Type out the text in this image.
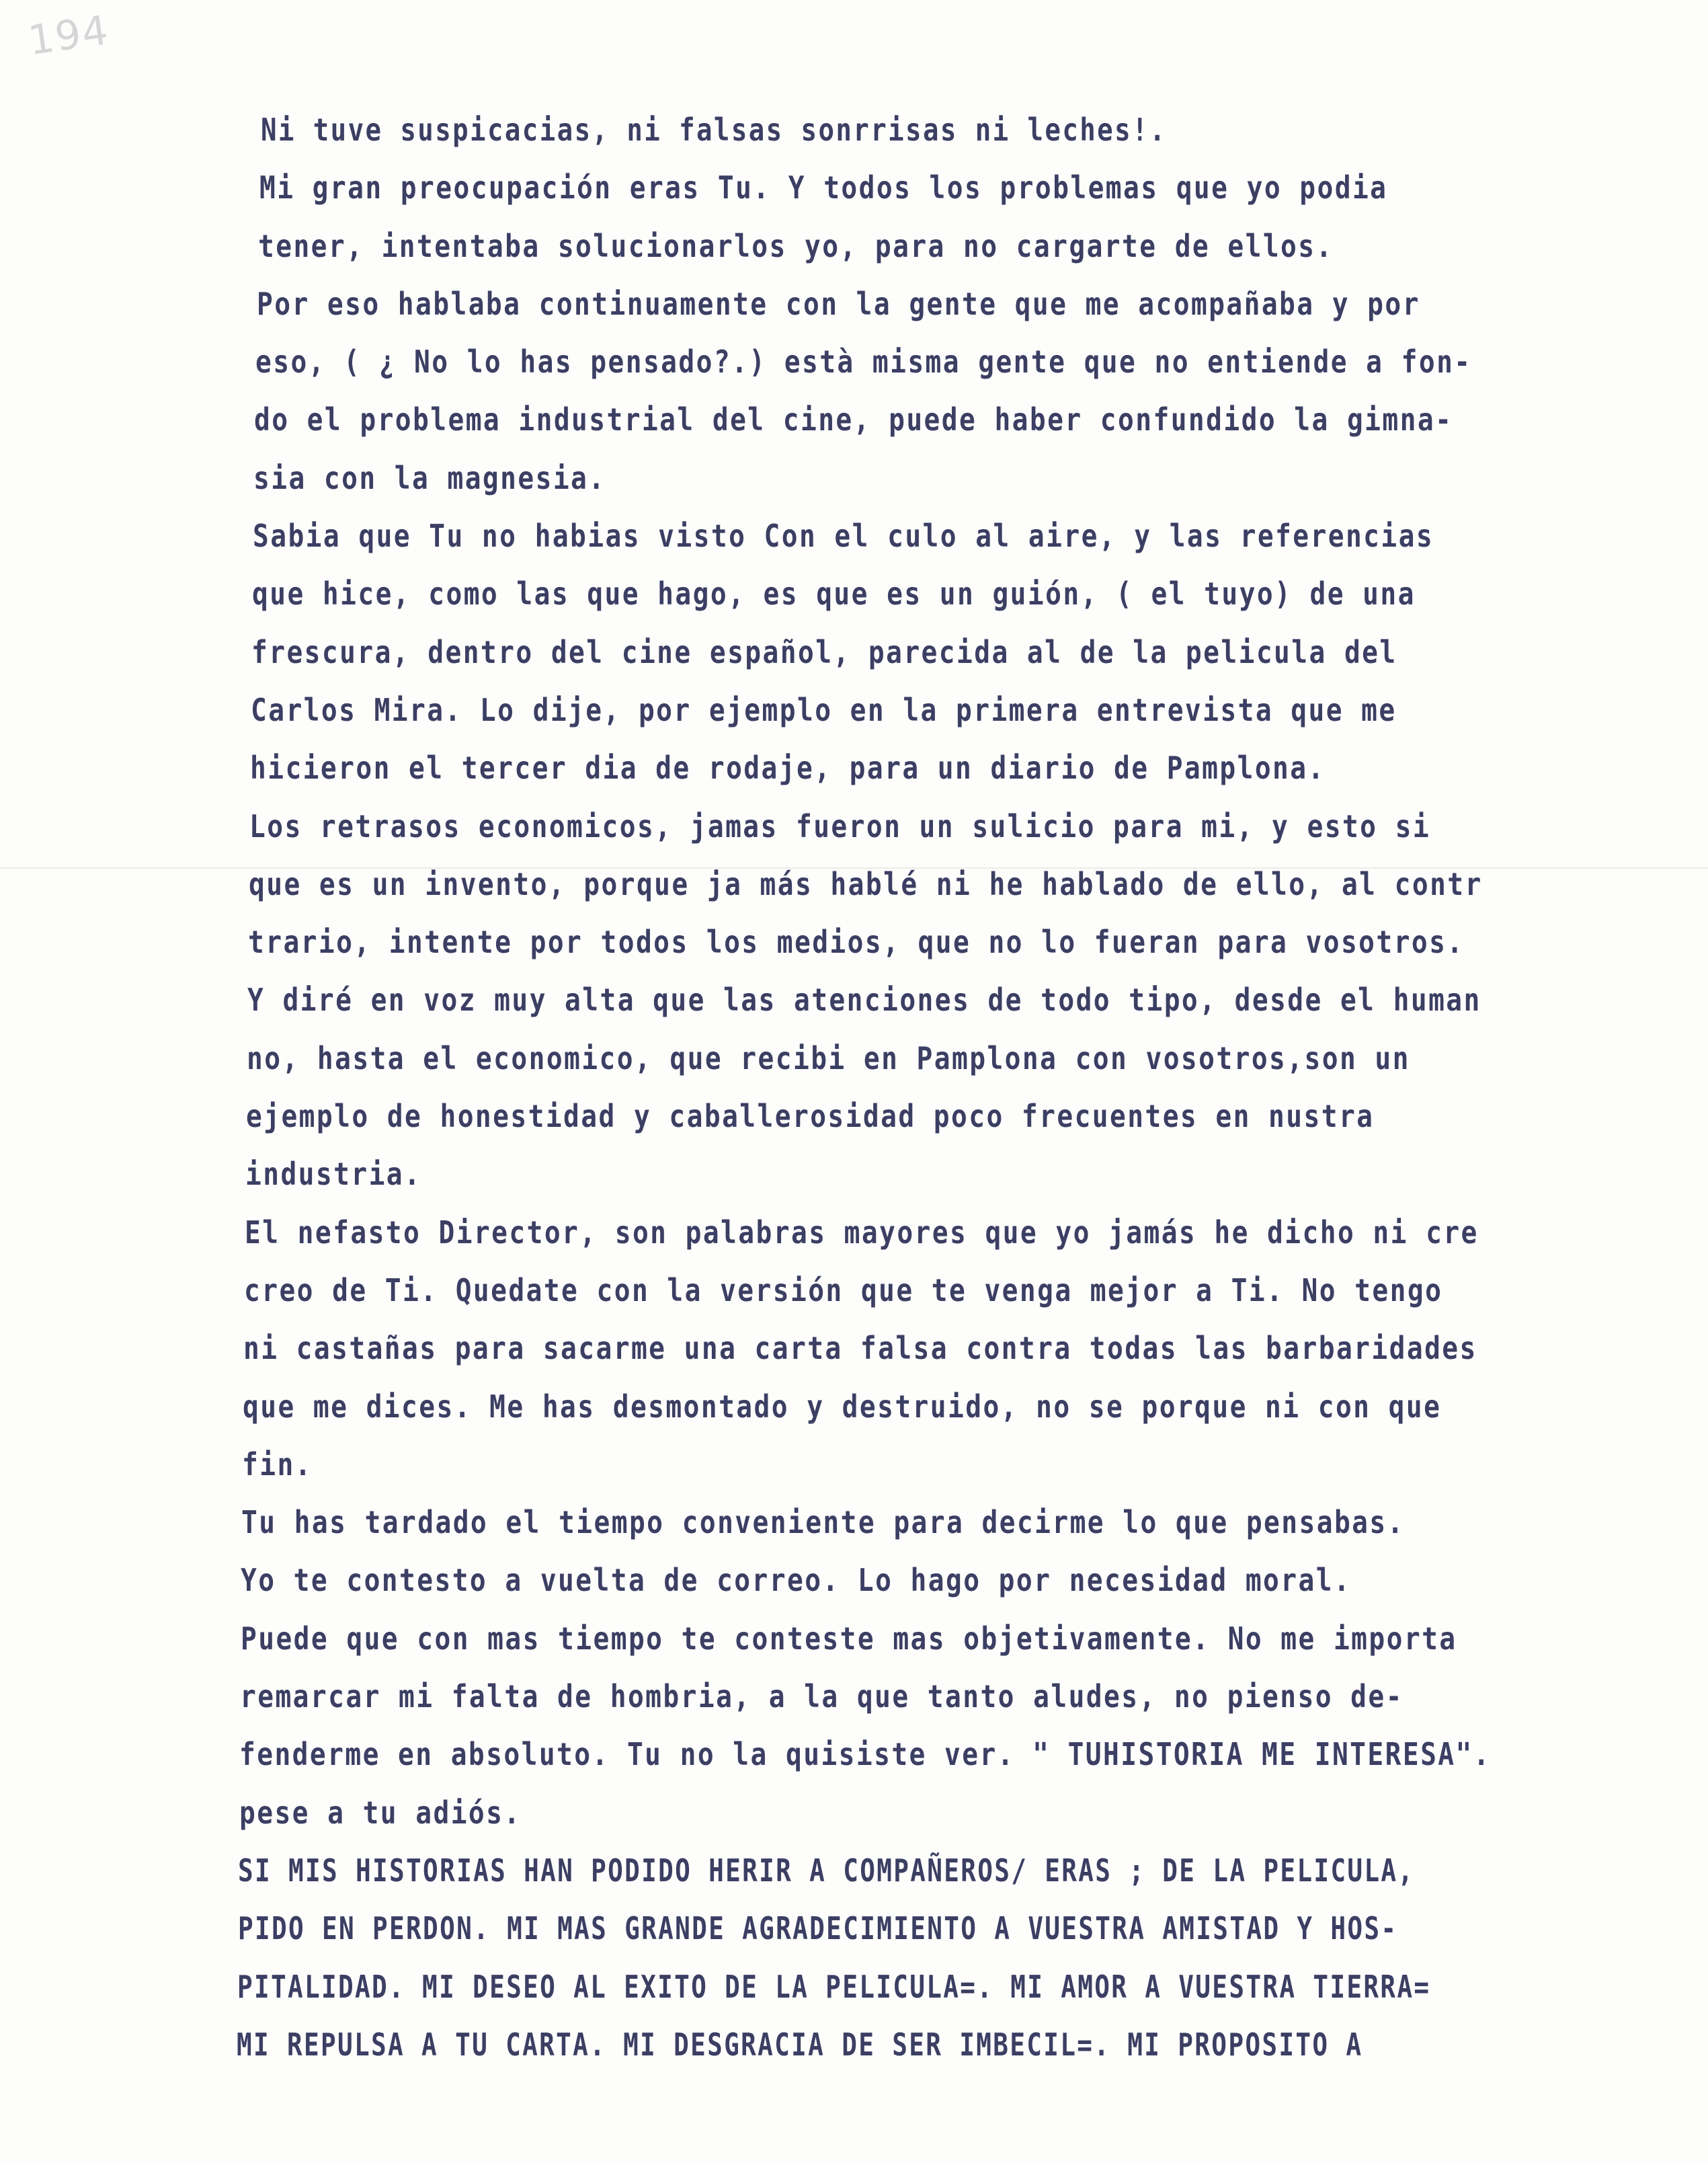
194
Ni tuve suspicacias, ni falsas sonrrisas ni leches!.
Mi gran preocupación eras Tu. Y todos los problemas que yo podia
tener, intentaba solucionarlos yo, para no cargarte de ellos.
Por eso hablaba continuamente con la gente que me acompañaba y por
eso, ( ¿ No lo has pensado?.) està misma gente que no entiende a fon-
do el problema industrial del cine, puede haber confundido la gimna-
sia con la magnesia.
Sabia que Tu no habias visto Con el culo al aire, y las referencias
que hice, como las que hago, es que es un guión, ( el tuyo) de una
frescura, dentro del cine español, parecida al de la pelicula del
Carlos Mira. Lo dije, por ejemplo en la primera entrevista que me
hicieron el tercer dia de rodaje, para un diario de Pamplona.
Los retrasos economicos, jamas fueron un sulicio para mi, y esto si
que es un invento, porque ja más hablé ni he hablado de ello, al contr
trario, intente por todos los medios, que no lo fueran para vosotros.
Y diré en voz muy alta que las atenciones de todo tipo, desde el human
no, hasta el economico, que recibi en Pamplona con vosotros,son un
ejemplo de honestidad y caballerosidad poco frecuentes en nustra
industria.
El nefasto Director, son palabras mayores que yo jamás he dicho ni cre
creo de Ti. Quedate con la versión que te venga mejor a Ti. No tengo
ni castañas para sacarme una carta falsa contra todas las barbaridades
que me dices. Me has desmontado y destruido, no se porque ni con que
fin.
Tu has tardado el tiempo conveniente para decirme lo que pensabas.
Yo te contesto a vuelta de correo. Lo hago por necesidad moral.
Puede que con mas tiempo te conteste mas objetivamente. No me importa
remarcar mi falta de hombria, a la que tanto aludes, no pienso de-
fenderme en absoluto. Tu no la quisiste ver. " TUHISTORIA ME INTERESA".
pese a tu adiós.
SI MIS HISTORIAS HAN PODIDO HERIR A COMPAÑEROS/ ERAS ; DE LA PELICULA,
PIDO EN PERDON. MI MAS GRANDE AGRADECIMIENTO A VUESTRA AMISTAD Y HOS-
PITALIDAD. MI DESEO AL EXITO DE LA PELICULA=. MI AMOR A VUESTRA TIERRA=
MI REPULSA A TU CARTA. MI DESGRACIA DE SER IMBECIL=. MI PROPOSITO A
